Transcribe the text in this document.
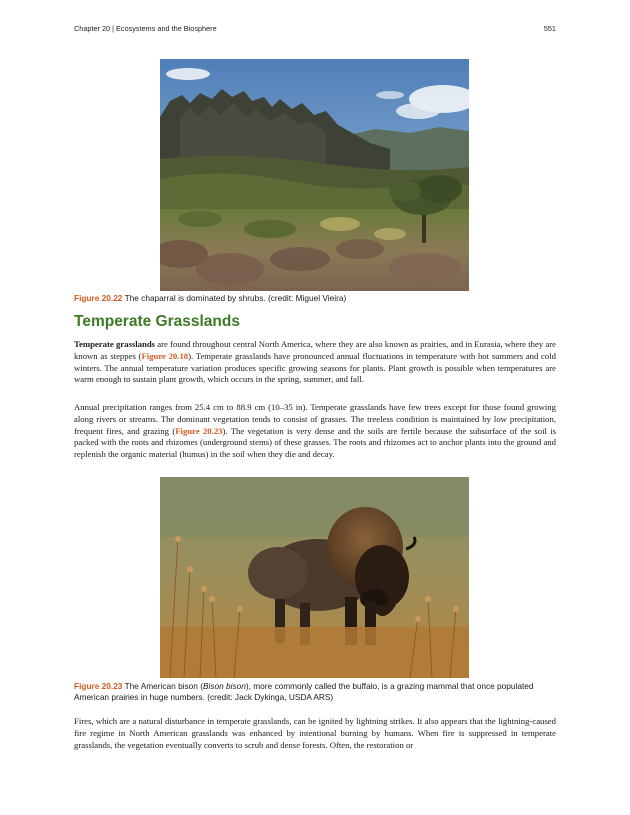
Chapter 20 | Ecosystems and the Biosphere	551
Figure 20.22 The chaparral is dominated by shrubs. (credit: Miguel Vieira)
Temperate Grasslands

Temperate grasslands are found throughout central North America, where they are also known as prairies, and in Eurasia, where they are known as steppes (Figure 20.18). Temperate grasslands have pronounced annual fluctuations in temperature with hot summers and cold winters. The annual temperature variation produces specific growing seasons for plants. Plant growth is possible when temperatures are warm enough to sustain plant growth, which occurs in the spring, summer, and fall.

Annual precipitation ranges from 25.4 cm to 88.9 cm (10–35 in). Temperate grasslands have few trees except for those found growing along rivers or streams. The dominant vegetation tends to consist of grasses. The treeless condition is maintained by low precipitation, frequent fires, and grazing (Figure 20.23). The vegetation is very dense and the soils are fertile because the subsurface of the soil is packed with the roots and rhizomes (underground stems) of these grasses. The roots and rhizomes act to anchor plants into the ground and replenish the organic material (humus) in the soil when they die and decay.

Figure 20.23 The American bison (Bison bison), more commonly called the buffalo, is a grazing mammal that once populated American prairies in huge numbers. (credit: Jack Dykinga, USDA ARS)

Fires, which are a natural disturbance in temperate grasslands, can be ignited by lightning strikes. It also appears that the lightning-caused fire regime in North American grasslands was enhanced by intentional burning by humans. When fire is suppressed in temperate grasslands, the vegetation eventually converts to scrub and dense forests. Often, the restoration or
